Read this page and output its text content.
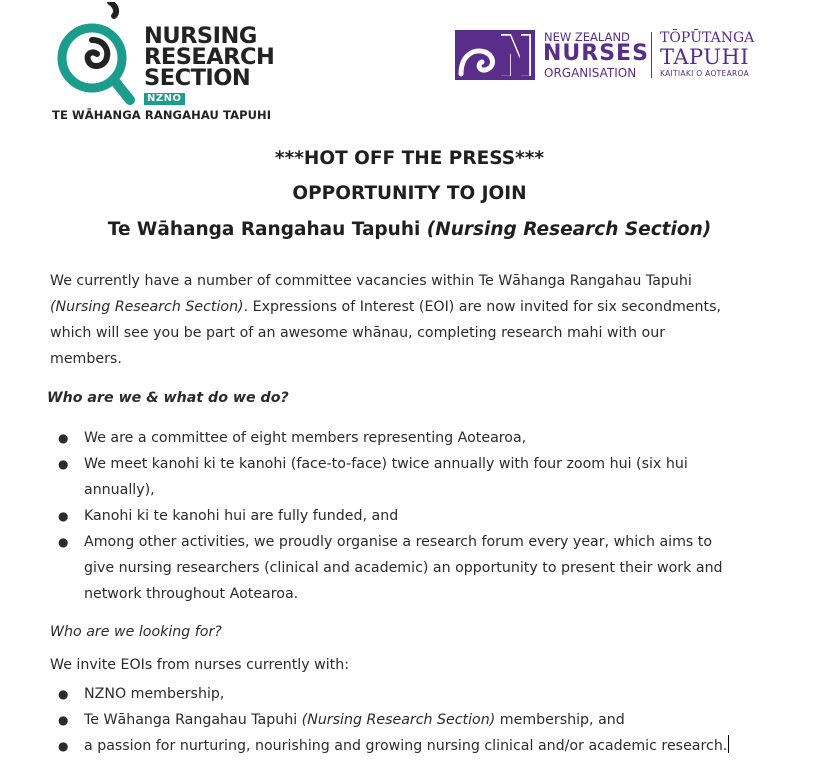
NURSING
RESEARCH
SECTION
NZNO
TE WĀHANGA RANGAHAU TAPUHI
NEW ZEALAND
NURSES
ORGANISATION
TŌPŪTANGA
TAPUHI
KAITIAKI O AOTEAROA
***HOT OFF THE PRESS***
OPPORTUNITY TO JOIN
Te Wāhanga Rangahau Tapuhi (Nursing Research Section)
We currently have a number of committee vacancies within Te Wāhanga Rangahau Tapuhi
(Nursing Research Section). Expressions of Interest (EOI) are now invited for six secondments,
which will see you be part of an awesome whānau, completing research mahi with our
members.
Who are we & what do we do?
● We are a committee of eight members representing Aotearoa,
● We meet kanohi ki te kanohi (face-to-face) twice annually with four zoom hui (six hui
annually),
● Kanohi ki te kanohi hui are fully funded, and
● Among other activities, we proudly organise a research forum every year, which aims to
give nursing researchers (clinical and academic) an opportunity to present their work and
network throughout Aotearoa.
Who are we looking for?
We invite EOIs from nurses currently with:
● NZNO membership,
● Te Wāhanga Rangahau Tapuhi (Nursing Research Section) membership, and
● a passion for nurturing, nourishing and growing nursing clinical and/or academic research.
